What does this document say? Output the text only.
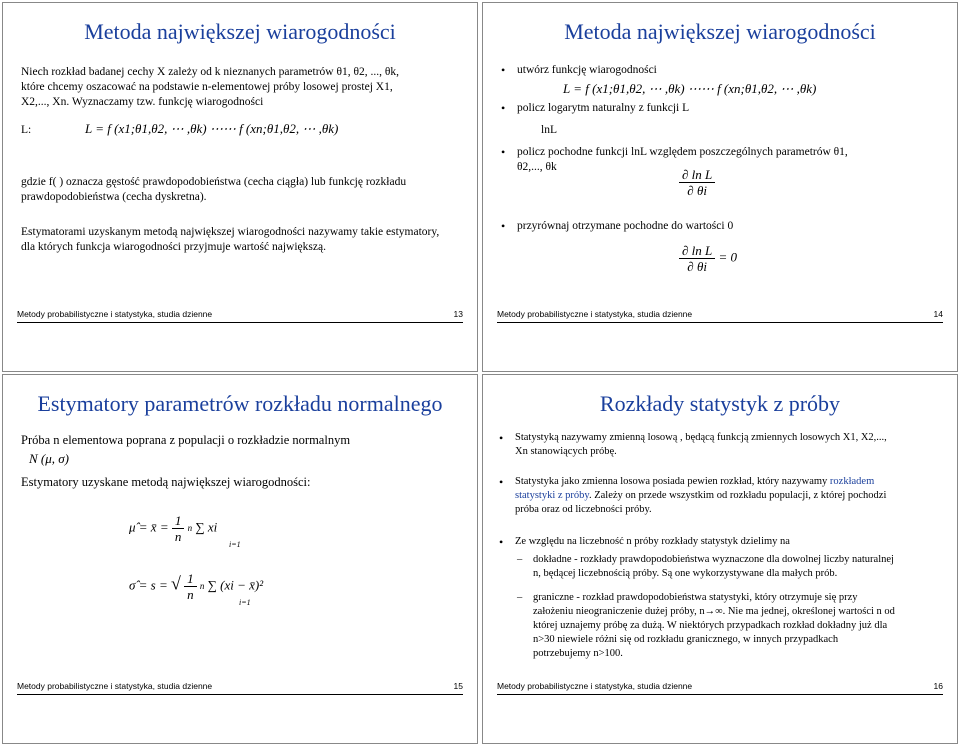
Metoda największej wiarogodności
Niech rozkład badanej cechy X zależy od k nieznanych parametrów θ1, θ2, ..., θk, które chcemy oszacować na podstawie n-elementowej próby losowej prostej X1, X2,..., Xn. Wyznaczamy tzw. funkcję wiarogodności
L:	L = f (x1;θ1,θ2, ⋯ ,θk) ⋯⋯ f (xn;θ1,θ2, ⋯ ,θk)
gdzie f( ) oznacza gęstość prawdopodobieństwa (cecha ciągła) lub funkcję rozkładu prawdopodobieństwa (cecha dyskretna).
Estymatorami uzyskanym metodą największej wiarogodności nazywamy takie estymatory, dla których funkcja wiarogodności przyjmuje wartość największą.
Metody probabilistyczne i statystyka, studia dzienne	13
Metoda największej wiarogodności
• utwórz funkcję wiarogodności
L = f (x1;θ1,θ2, ⋯ ,θk) ⋯⋯ f (xn;θ1,θ2, ⋯ ,θk)
• policz logarytm naturalny z funkcji L
lnL
• policz pochodne funkcji lnL względem poszczególnych parametrów θ1, θ2,..., θk	$\frac{\text{∂ ln L}}{\partial \theta i}$
• przyrównaj otrzymane pochodne do wartości 0
$\frac{\text{∂ ln L}}{\partial \theta i} = 0$
Metody probabilistyczne i statystyka, studia dzienne	14
Estymatory parametrów rozkładu normalnego
Próba n elementowa poprana z populacji o rozkładzie normalnym
N (μ, σ)
Estymatory uzyskane metodą największej wiarogodności:
μ̂ = x̄ = $\frac{1}{n}$ n ∑ xi
i=1
σ̂ = s = √ $\frac{1}{n}$ n ∑ (xi − x̄)²
i=1
Metody probabilistyczne i statystyka, studia dzienne	15
Rozkłady statystyk z próby
• Statystyką nazywamy zmienną losową , będącą funkcją zmiennych losowych X1, X2,..., Xn stanowiących próbę.
• Statystyka jako zmienna losowa posiada pewien rozkład, który nazywamy rozkładem statystyki z próby. Zależy on przede wszystkim od rozkładu populacji, z której pochodzi próba oraz od liczebności próby.
• Ze względu na liczebność n próby rozkłady statystyk dzielimy na
– dokładne - rozkłady prawdopodobieństwa wyznaczone dla dowolnej liczby naturalnej n, będącej liczebnością próby. Są one wykorzystywane dla małych prób.
– graniczne - rozkład prawdopodobieństwa statystyki, który otrzymuje się przy założeniu nieograniczenie dużej próby, n→∞. Nie ma jednej, określonej wartości n od której uznajemy próbę za dużą. W niektórych przypadkach rozkład dokładny już dla n>30 niewiele różni się od rozkładu granicznego, w innych przypadkach potrzebujemy n>100.
Metody probabilistyczne i statystyka, studia dzienne	16
